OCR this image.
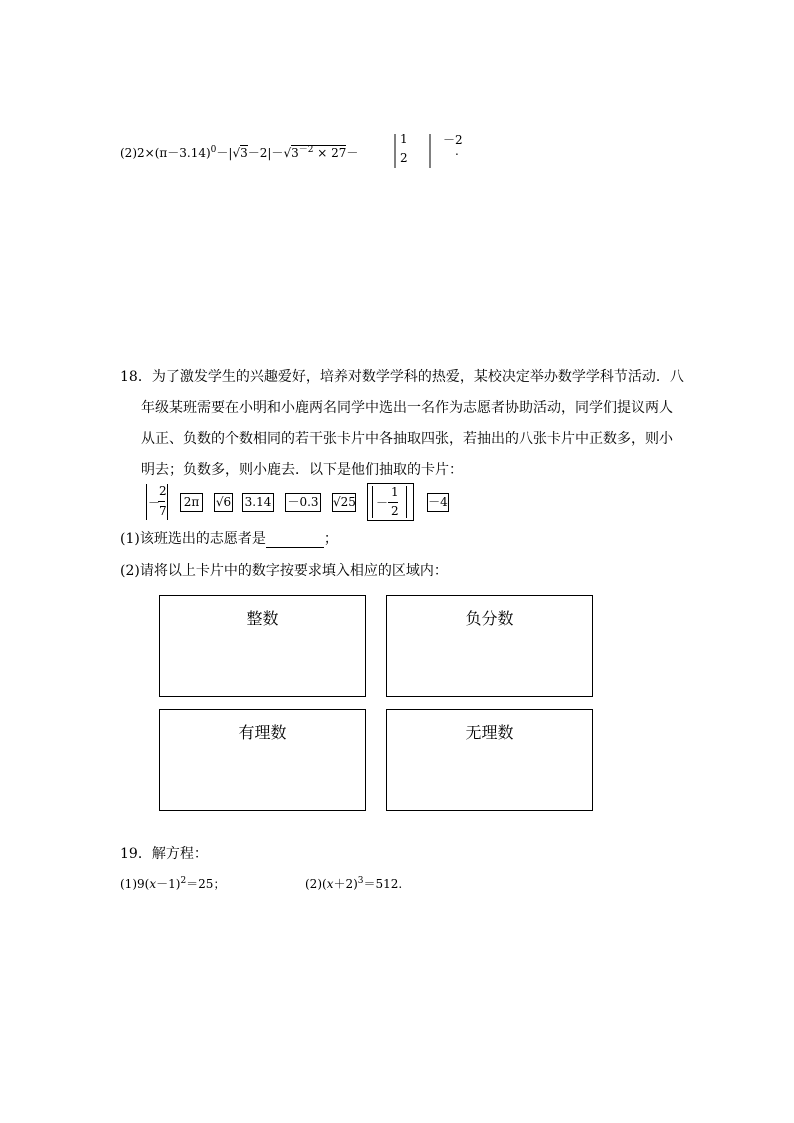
$(2)2\times(\pi-3.14)^0-|√3-2|-√3^{-2} \times 27-$
1
2
－2
.
18．为了激发学生的兴趣爱好，培养对数学学科的热爱，某校决定举办数学学科节活动．八
年级某班需要在小明和小鹿两名同学中选出一名作为志愿者协助活动，同学们提议两人
从正、负数的个数相同的若干张卡片中各抽取四张，若抽出的八张卡片中正数多，则小
明去；负数多，则小鹿去．以下是他们抽取的卡片：
－
2
7
2π	√6 3.14 －0.3 √25 －
1
2
－4
(1)该班选出的志愿者是	；
(2)请将以上卡片中的数字按要求填入相应的区域内：
整数	负分数
有理数	无理数
19．解方程：
$(1)9(x-1)^2=25$；	$(2)(x+2)^3=512$.
